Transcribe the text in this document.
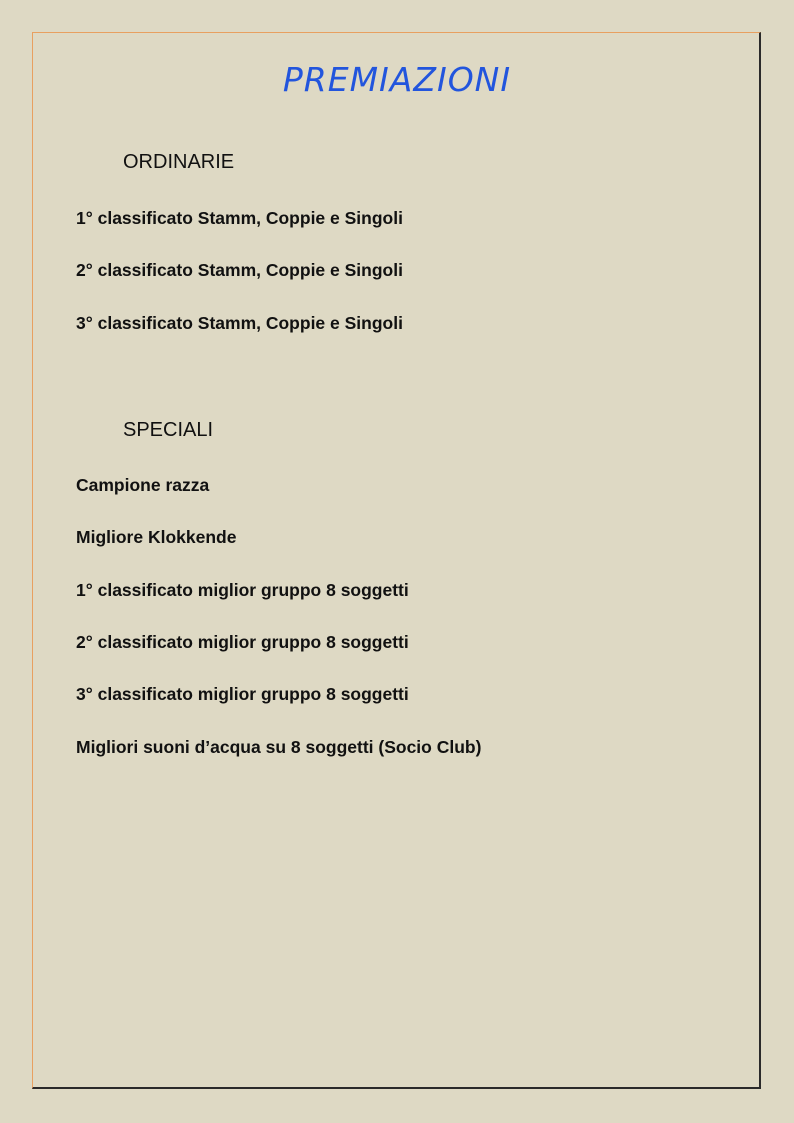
PREMIAZIONI
ORDINARIE

1° classificato Stamm, Coppie e Singoli

2° classificato Stamm, Coppie e Singoli

3° classificato Stamm, Coppie e Singoli

SPECIALI

Campione razza

Migliore Klokkende

1° classificato miglior gruppo 8 soggetti

2° classificato miglior gruppo 8 soggetti

3° classificato miglior gruppo 8 soggetti

Migliori suoni d’acqua su 8 soggetti (Socio Club)
